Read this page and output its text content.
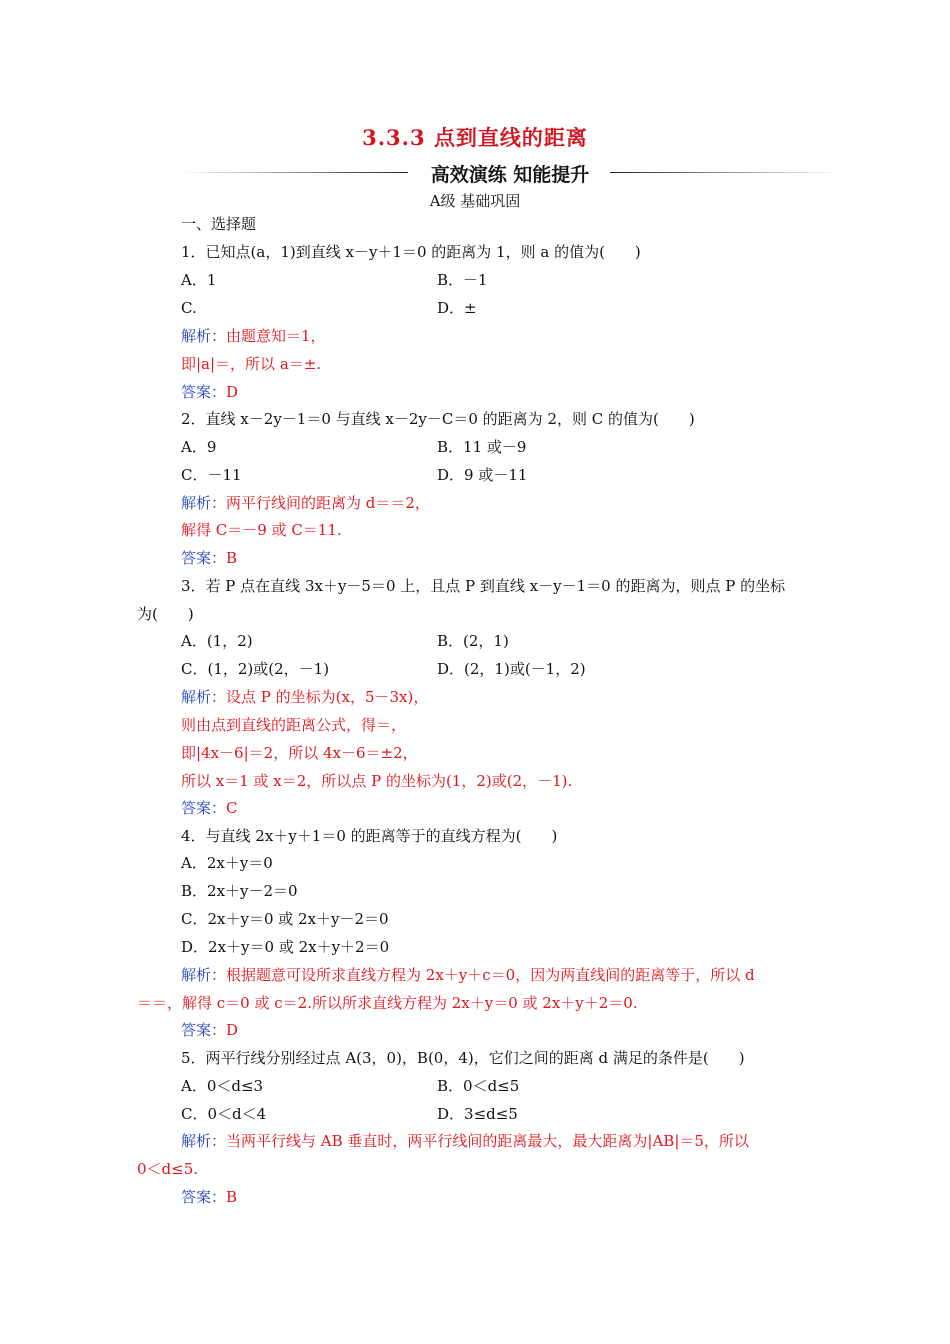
3.3.3 点到直线的距离
高效演练 知能提升
A级 基础巩固
一、选择题
1．已知点(a，1)到直线 x－y＋1＝0 的距离为 1，则 a 的值为(　　)
A．1	B．－1
C.	D．±
解析：由题意知＝1，
即|a|＝，所以 a＝±.
答案：D
2．直线 x－2y－1＝0 与直线 x－2y－C＝0 的距离为 2，则 C 的值为(　　)
A．9	B．11 或－9
C．－11	D．9 或－11
解析：两平行线间的距离为 d＝＝2，
解得 C＝－9 或 C＝11.
答案：B
3．若 P 点在直线 3x＋y－5＝0 上，且点 P 到直线 x－y－1＝0 的距离为，则点 P 的坐标
为(　　)
A．(1，2)	B．(2，1)
C．(1，2)或(2，－1)	D．(2，1)或(－1，2)
解析：设点 P 的坐标为(x，5－3x)，
则由点到直线的距离公式，得＝，
即|4x－6|＝2，所以 4x－6＝±2，
所以 x＝1 或 x＝2，所以点 P 的坐标为(1，2)或(2，－1).
答案：C
4．与直线 2x＋y＋1＝0 的距离等于的直线方程为(　　)
A．2x＋y＝0
B．2x＋y－2＝0
C．2x＋y＝0 或 2x＋y－2＝0
D．2x＋y＝0 或 2x＋y＋2＝0
解析：根据题意可设所求直线方程为 2x＋y＋c＝0，因为两直线间的距离等于，所以 d
＝＝，解得 c＝0 或 c＝2.所以所求直线方程为 2x＋y＝0 或 2x＋y＋2＝0.
答案：D
5．两平行线分别经过点 A(3，0)，B(0，4)，它们之间的距离 d 满足的条件是(　　)
A．0＜d≤3	B．0＜d≤5
C．0＜d＜4	D．3≤d≤5
解析：当两平行线与 AB 垂直时，两平行线间的距离最大，最大距离为|AB|＝5，所以
0＜d≤5.
答案：B
